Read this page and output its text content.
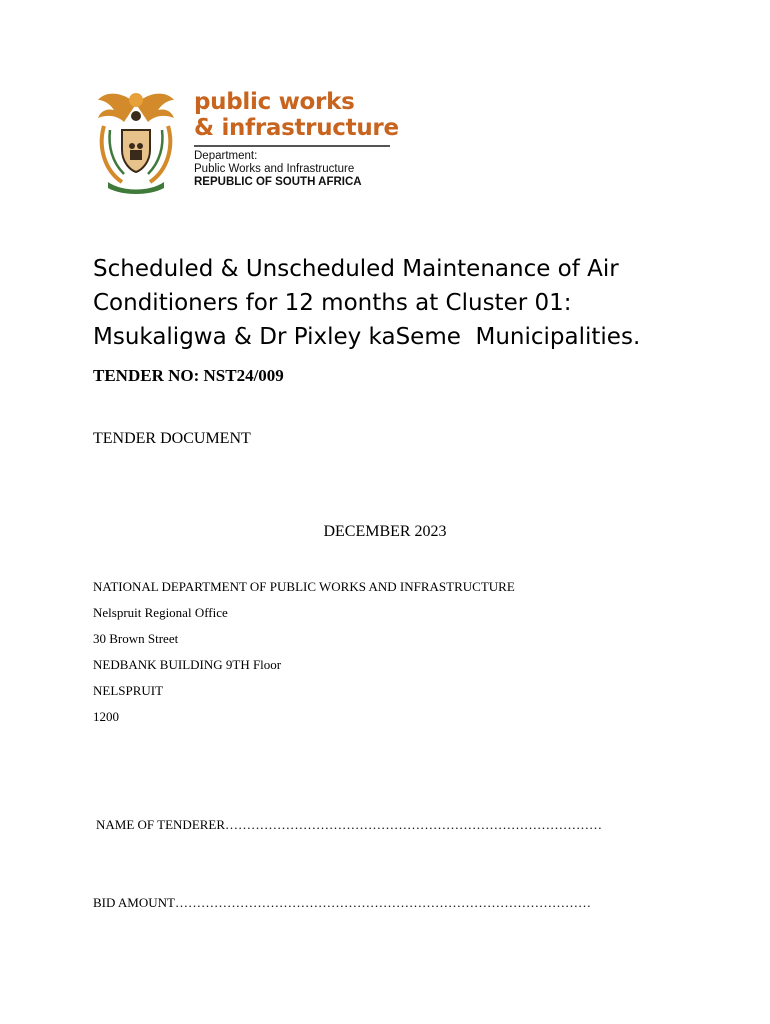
public works
& infrastructure
Department:
Public Works and Infrastructure
REPUBLIC OF SOUTH AFRICA
Scheduled & Unscheduled Maintenance of Air
Conditioners for 12 months at Cluster 01:
Msukaligwa & Dr Pixley kaSeme  Municipalities.
TENDER NO: NST24/009
TENDER DOCUMENT
DECEMBER 2023
NATIONAL DEPARTMENT OF PUBLIC WORKS AND INFRASTRUCTURE
Nelspruit Regional Office
30 Brown Street
NEDBANK BUILDING 9TH Floor
NELSPRUIT
1200
NAME OF TENDERER……………………………………………………………………………
BID AMOUNT……………………………………………………………………………………
